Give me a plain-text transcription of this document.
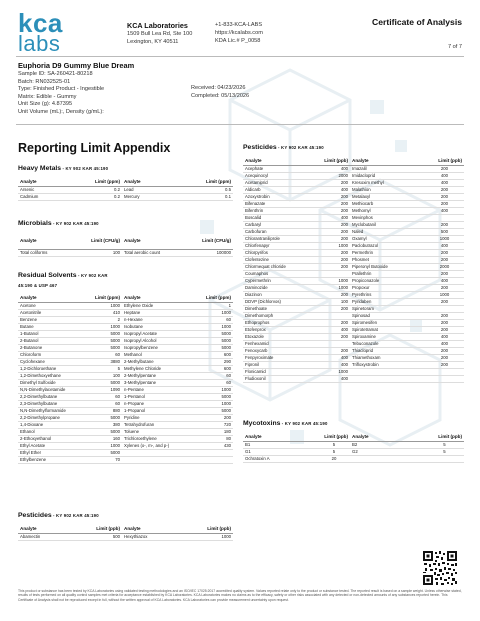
kca
labs
KCA Laboratories
1509 Bull Lea Rd, Ste 100
Lexington, KY 40511
+1-833-KCA-LABS
https://kcalabs.com
KDA Lic.# P_0058
Certificate of Analysis
7 of 7
Euphoria D9 Gummy Blue Dream
Sample ID: SA-260421-80218
Batch: RN032525-01
Type: Finished Product - Ingestible
Matrix: Edible - Gummy
Unit Size (g): 4.87395
Unit Volume (mL):, Density (g/mL):
Received: 04/23/2026
Completed: 05/13/2026
Reporting Limit Appendix
Heavy Metals - KY 902 KAR 45:190
Analyte	Limit (ppm)	Analyte	Limit (ppm)
Arsenic	0.2	Lead	0.5
Cadmium	0.2	Mercury	0.1
Microbials - KY 902 KAR 45:190
Analyte	Limit (CFU/g)	Analyte	Limit (CFU/g)
Total coliforms	100	Total aerobic count	100000
Residual Solvents - KY 902 KAR
45:190 & USP 467
Analyte	Limit (ppm)	Analyte	Limit (ppm)
Acetone	1000	Ethylene Oxide	1
Acetonitrile	410	Heptane	1000
Benzene	2	n-Hexane	60
Butane	1000	Isobutane	1000
1-Butanol	5000	Isopropyl Acetate	5000
2-Butanol	5000	Isopropyl Alcohol	5000
2-Butanone	5000	Isopropylbenzene	5000
Chloroform	60	Methanol	600
Cyclohexane	3880	2-Methylbutane	290
1,2-Dichloroethane	5	Methylene Chloride	600
1,2-Dimethoxyethane	100	2-Methylpentane	60
Dimethyl Sulfoxide	5000	3-Methylpentane	60
N,N-Dimethylacetamide	1090	n-Pentane	1000
2,2-Dimethylbutane	60	1-Pentanol	5000
2,3-Dimethylbutane	60	n-Propane	1000
N,N-Dimethylformamide	880	1-Propanol	5000
2,2-Dimethylpropane	5000	Pyridine	200
1,4-Dioxane	380	Tetrahydrofuran	720
Ethanol	5000	Toluene	180
2-Ethoxyethanol	160	Trichloroethylene	80
Ethyl Acetate	1000	Xylenes (o-, m-, and p-)	430
Ethyl Ether	5000		
Ethylbenzene	70		
Pesticides - KY 902 KAR 45:190
Analyte	Limit (ppb)	Analyte	Limit (ppb)
Acephate	400	Imazalil	200
Acequinocyl	2000	Imidacloprid	400
Acetamiprid	200	Kresoxim methyl	400
Aldicarb	400	Malathion	200
Azoxystrobin	200	Metalaxyl	200
Bifenazate	200	Methiocarb	200
Bifenthrin	200	Methomyl	400
Boscalid	400	Mevinphos	
Carbaryl	200	Myclobutanil	200
Carbofuran	200	Naled	500
Chlorantraniliprole	200	Oxamyl	1000
Chlorfenapyr	1000	Paclobutrazol	400
Chlorpyrifos	200	Permethrin	200
Clofentezine	200	Phosmet	200
Chlormequat chloride	200	Piperonyl Butoxide	2000
Coumaphos		Prallethrin	200
Cypermethrin	1000	Propiconazole	400
Daminozide	1000	Propoxur	200
Diazinon	200	Pyrethrins	1000
DDVP (Dichlorvos)	100	Pyridaben	200
Dimethoate	200	Spinetoram	
Dimethomorph		Spinosad	200
Ethoprophos	200	Spiromesifen	200
Etofenprox	400	Spirotetramat	200
Etoxazole	200	Spiroxamine	400
Fenhexamid		Tebuconazole	400
Fenoxycarb	200	Thiacloprid	200
Fenpyroximate	400	Thiamethoxam	200
Fipronil	400	Trifloxystrobin	200
Flonicamid	1000		
Fludioxonil	400		
Mycotoxins - KY 902 KAR 45:190
Analyte	Limit (ppb)	Analyte	Limit (ppb)
B1	5	B2	5
G1	5	G2	5
Ochratoxin A	20		
Pesticides - KY 902 KAR 45:190
Analyte	Limit (ppb)	Analyte	Limit (ppb)
Abamectin	500	Hexythiazox	1000
This product or substance has been tested by KCA Laboratories using validated testing methodologies and an ISO/IEC 17025:2017 accredited quality system. Values reported relate only to the product or substance tested. The reported result is based on a sample weight. Unless otherwise stated, results of tests performed on all quality control samples met criteria for acceptance established by KCA Laboratories. KCA Laboratories makes no claims as to the efficacy, safety or other risks associated with any detected or non-detected amounts of any substances reported herein. This Certificate of Analysis shall not be reproduced except in full, without the written approval of KCA Laboratories. KCA Laboratories can provide measurement uncertainty upon request.
